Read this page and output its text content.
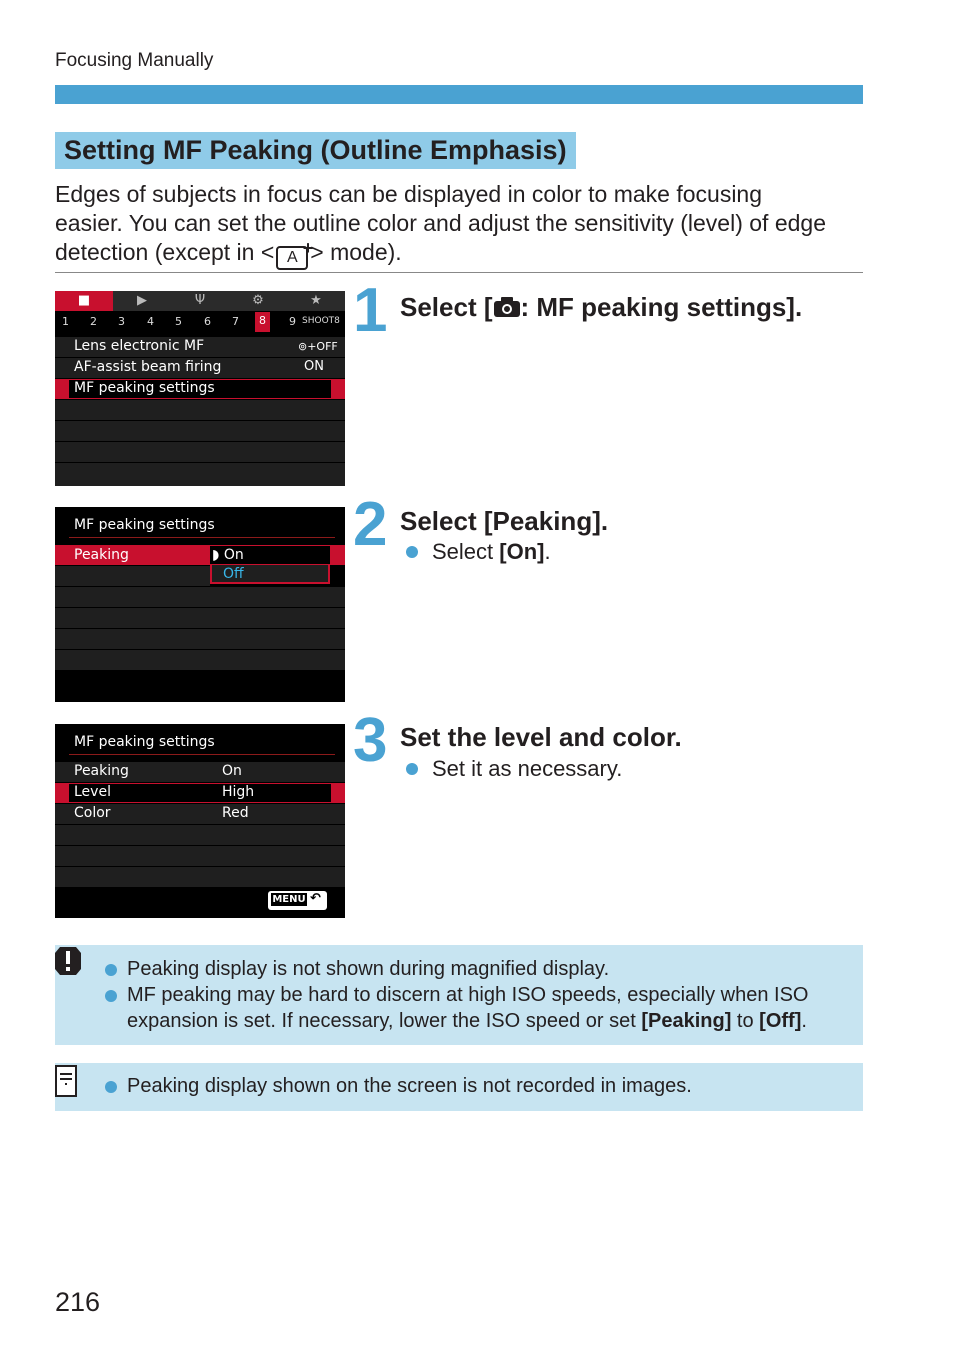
Focusing Manually
Setting MF Peaking (Outline Emphasis)
Edges of subjects in focus can be displayed in color to make focusing
easier. You can set the outline color and adjust the sensitivity (level) of edge
detection (except in < A +
> mode).
■	▶	Ψ	⚙	★
1 2 3 4 5 6 7	8	9 SHOOT8
Lens electronic MF	⊚+OFF
AF-assist beam firing	ON
MF peaking settings
MF peaking settings
Peaking	◗ On
Off
MF peaking settings
Peaking	On
Level	High
Color	Red
MENU ↶
1 Select [ : MF peaking settings].
2 Select [Peaking].
Select [On].
3 Set the level and color.
Set it as necessary.
Peaking display is not shown during magnified display.
MF peaking may be hard to discern at high ISO speeds, especially when ISO
expansion is set. If necessary, lower the ISO speed or set [Peaking] to [Off].
Peaking display shown on the screen is not recorded in images.
216
